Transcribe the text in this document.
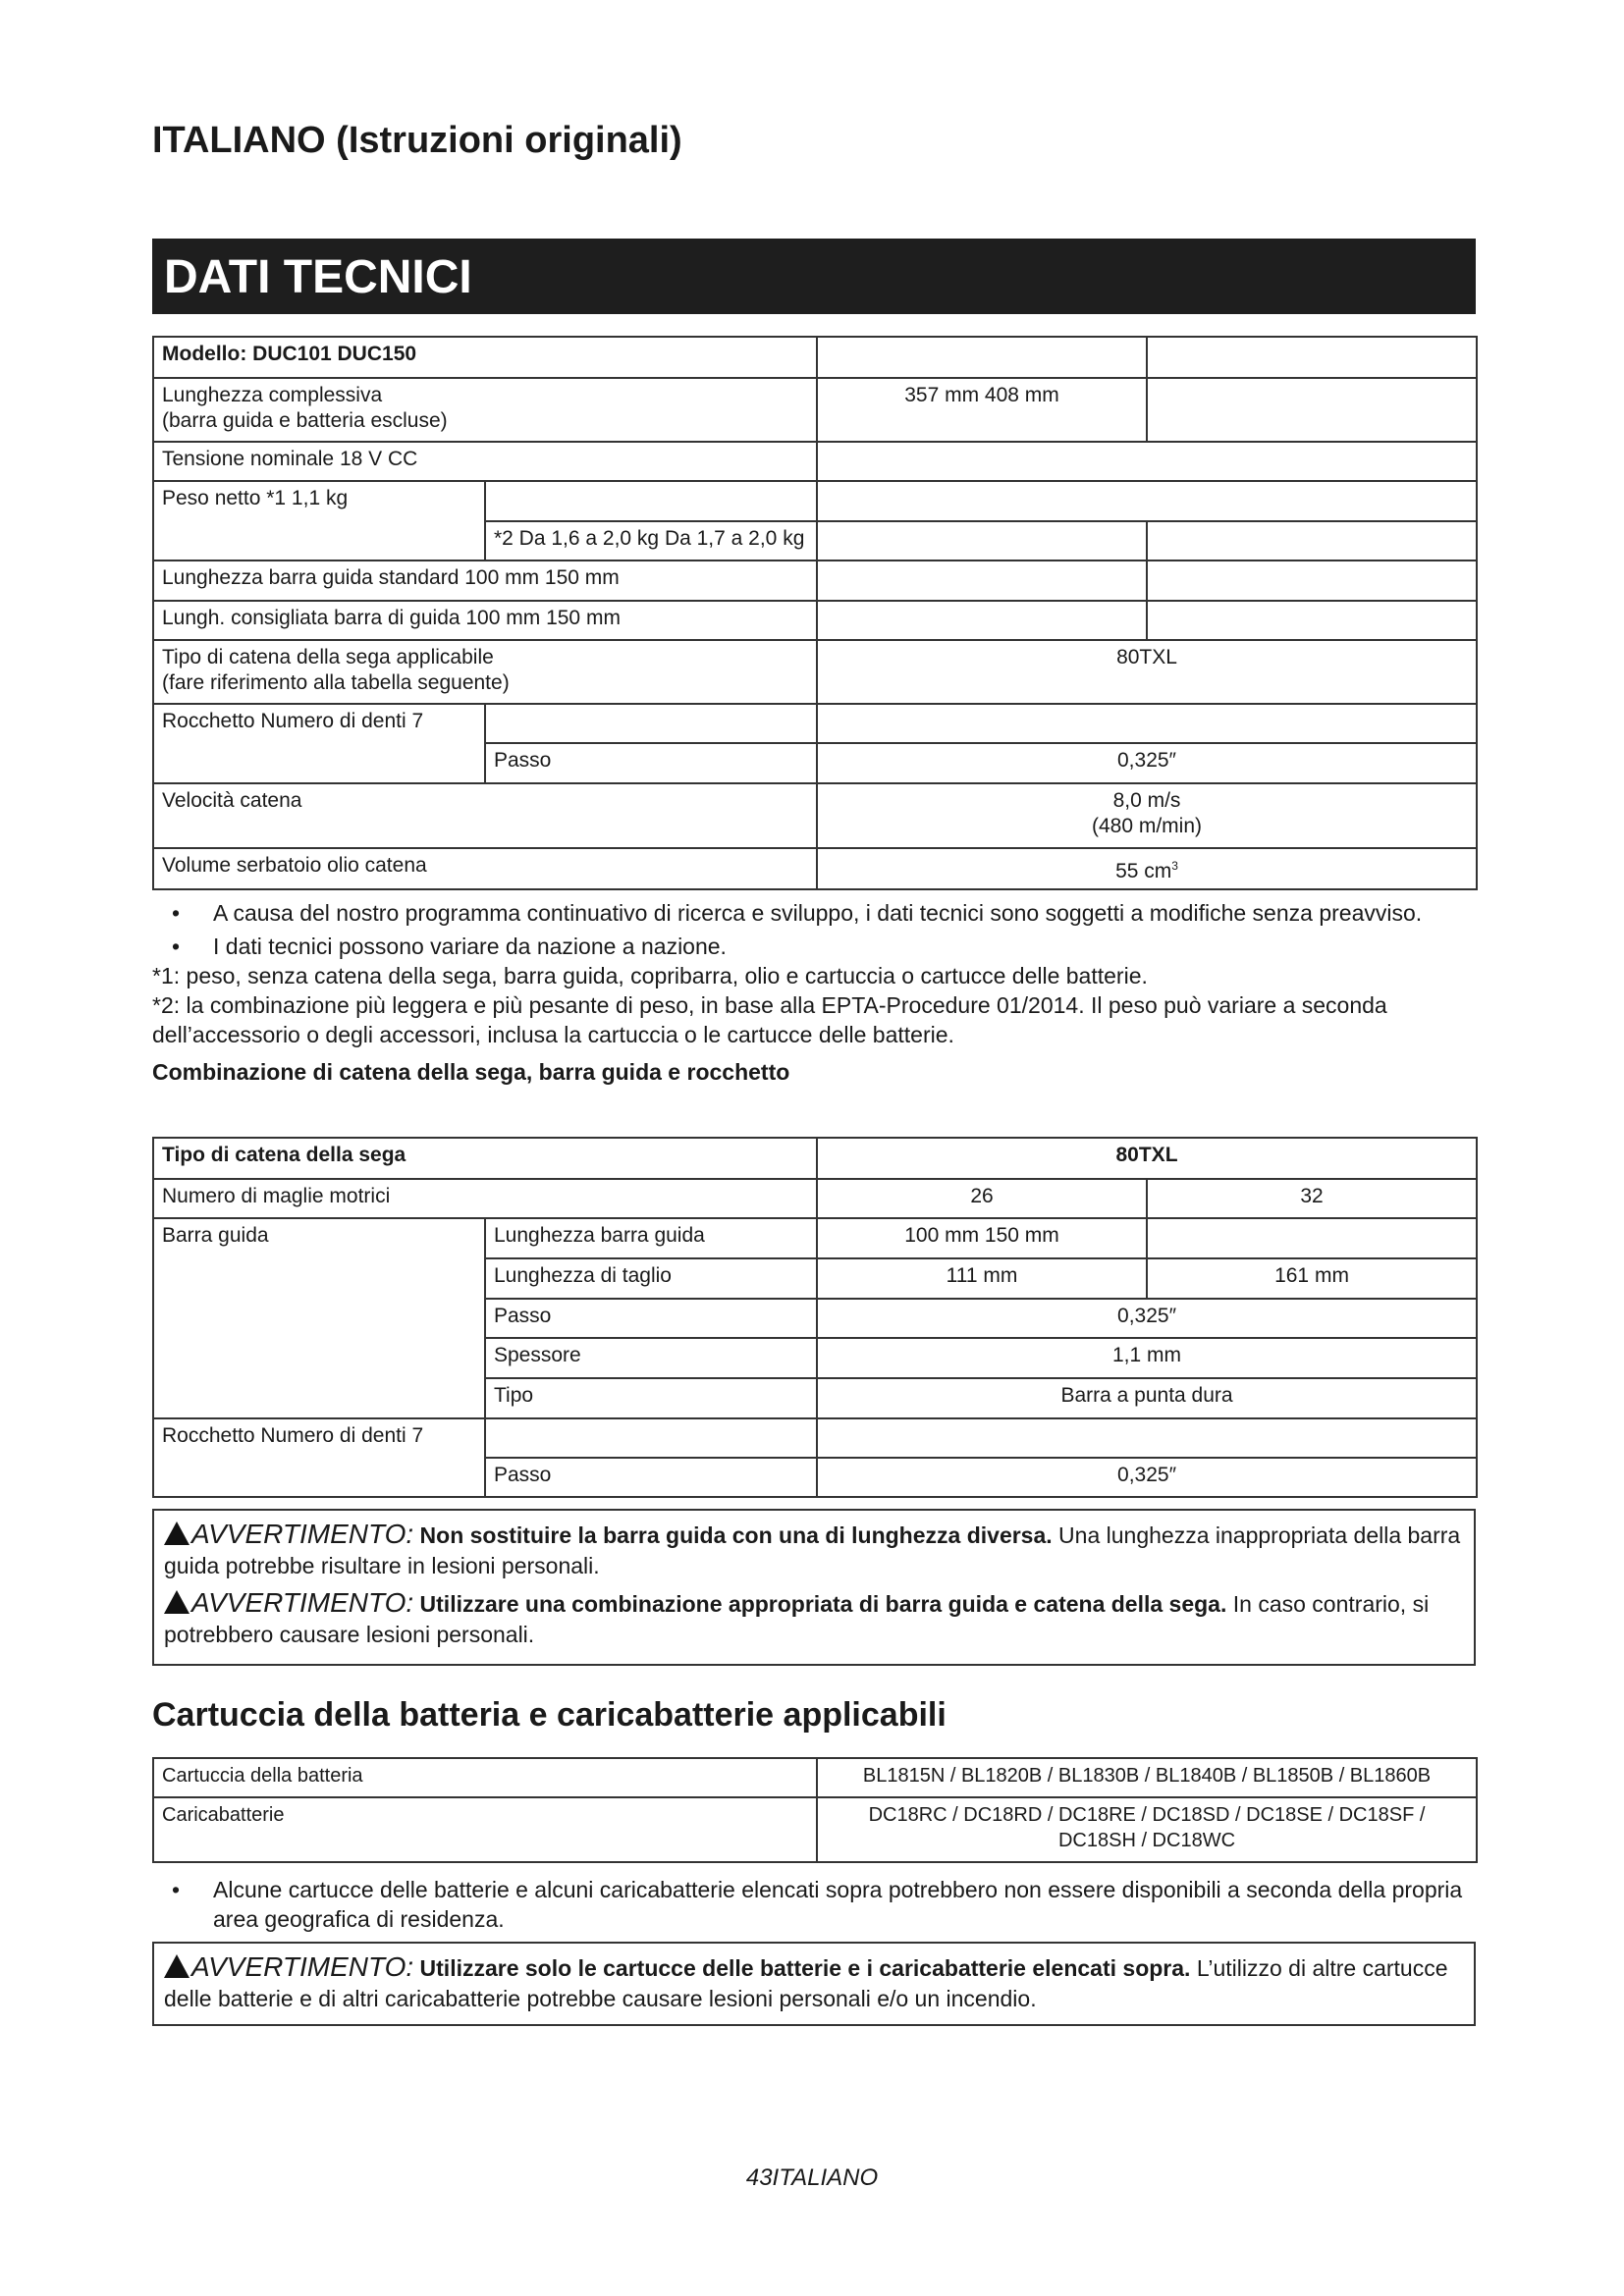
ITALIANO (Istruzioni originali)
DATI TECNICI
Modello: DUC101 DUC150			

Lunghezza complessiva
(barra guida e batteria escluse)		357 mm 408 mm	
Tensione nominale 18 V CC			
Peso netto *1 1,1 kg			
	*2 Da 1,6 a 2,0 kg Da 1,7 a 2,0 kg		
Lunghezza barra guida standard 100 mm 150 mm			
Lungh. consigliata barra di guida 100 mm 150 mm			

Tipo di catena della sega applicabile
(fare riferimento alla tabella seguente)		80TXL	
Rocchetto Numero di denti 7			
	Passo	0,325″	
Velocità catena		8,0 m/s
(480 m/min)	

Volume serbatoio olio catena		55 $cm^3$
•	A causa del nostro programma continuativo di ricerca e sviluppo, i dati tecnici sono soggetti a modifiche senza preavviso.
•	I dati tecnici possono variare da nazione a nazione.
*1: peso, senza catena della sega, barra guida, copribarra, olio e cartuccia o cartucce delle batterie.
*2: la combinazione più leggera e più pesante di peso, in base alla EPTA-Procedure 01/2014. Il peso può variare a seconda dell’accessorio o degli accessori, inclusa la cartuccia o le cartucce delle batterie.
Combinazione di catena della sega, barra guida e rocchetto
Tipo di catena della sega		80TXL	
Numero di maglie motrici		26	32
Barra guida	Lunghezza barra guida	100 mm 150 mm	
	Lunghezza di taglio	111 mm	161 mm
	Passo	0,325″	
	Spessore	1,1 mm	
	Tipo	Barra a punta dura	
Rocchetto Numero di denti 7			
	Passo	0,325″	

AVVERTIMENTO: Non sostituire la barra guida con una di lunghezza diversa. Una lunghezza inappropriata della barra guida potrebbe risultare in lesioni personali.

AVVERTIMENTO: Utilizzare una combinazione appropriata di barra guida e catena della sega. In caso contrario, si potrebbero causare lesioni personali.

Cartuccia della batteria e caricabatterie applicabili
Cartuccia della batteria	BL1815N / BL1820B / BL1830B / BL1840B / BL1850B / BL1860B
Caricabatterie	DC18RC / DC18RD / DC18RE / DC18SD / DC18SE / DC18SF /
DC18SH / DC18WC
•	Alcune cartucce delle batterie e alcuni caricabatterie elencati sopra potrebbero non essere disponibili a seconda della propria area geografica di residenza.

AVVERTIMENTO: Utilizzare solo le cartucce delle batterie e i caricabatterie elencati sopra. L’utilizzo di altre cartucce delle batterie e di altri caricabatterie potrebbe causare lesioni personali e/o un incendio.

43ITALIANO
